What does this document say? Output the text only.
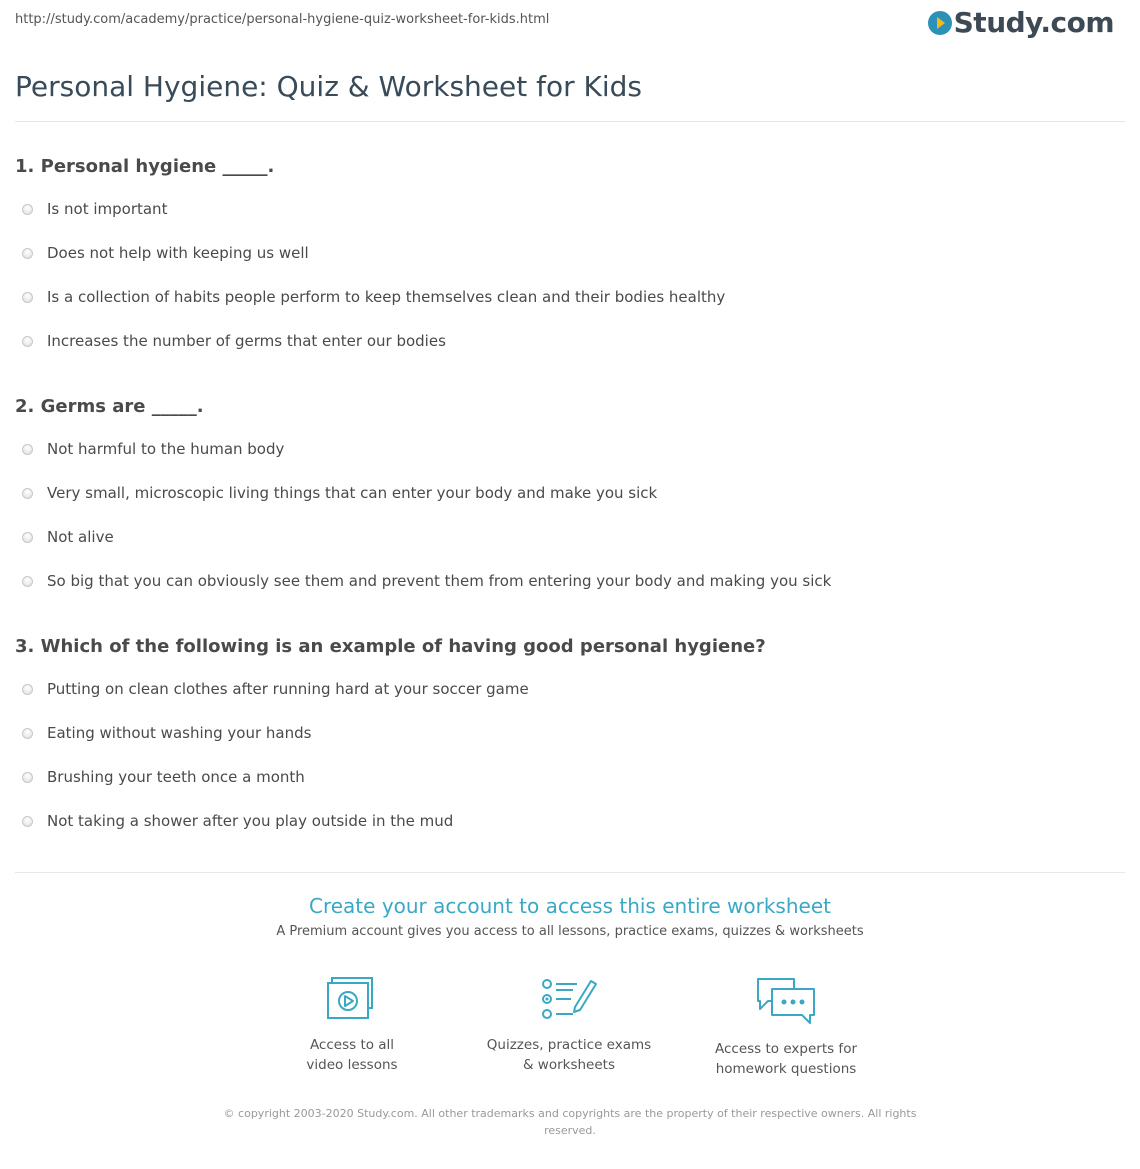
http://study.com/academy/practice/personal-hygiene-quiz-worksheet-for-kids.html	Study.com
Personal Hygiene: Quiz & Worksheet for Kids
1. Personal hygiene _____.
Is not important
Does not help with keeping us well
Is a collection of habits people perform to keep themselves clean and their bodies healthy
Increases the number of germs that enter our bodies
2. Germs are _____.
Not harmful to the human body
Very small, microscopic living things that can enter your body and make you sick
Not alive
So big that you can obviously see them and prevent them from entering your body and making you sick
3. Which of the following is an example of having good personal hygiene?
Putting on clean clothes after running hard at your soccer game
Eating without washing your hands
Brushing your teeth once a month
Not taking a shower after you play outside in the mud
Create your account to access this entire worksheet
A Premium account gives you access to all lessons, practice exams, quizzes & worksheets
Access to all
video lessons
Quizzes, practice exams
& worksheets
Access to experts for
homework questions
© copyright 2003-2020 Study.com. All other trademarks and copyrights are the property of their respective owners. All rights reserved.
